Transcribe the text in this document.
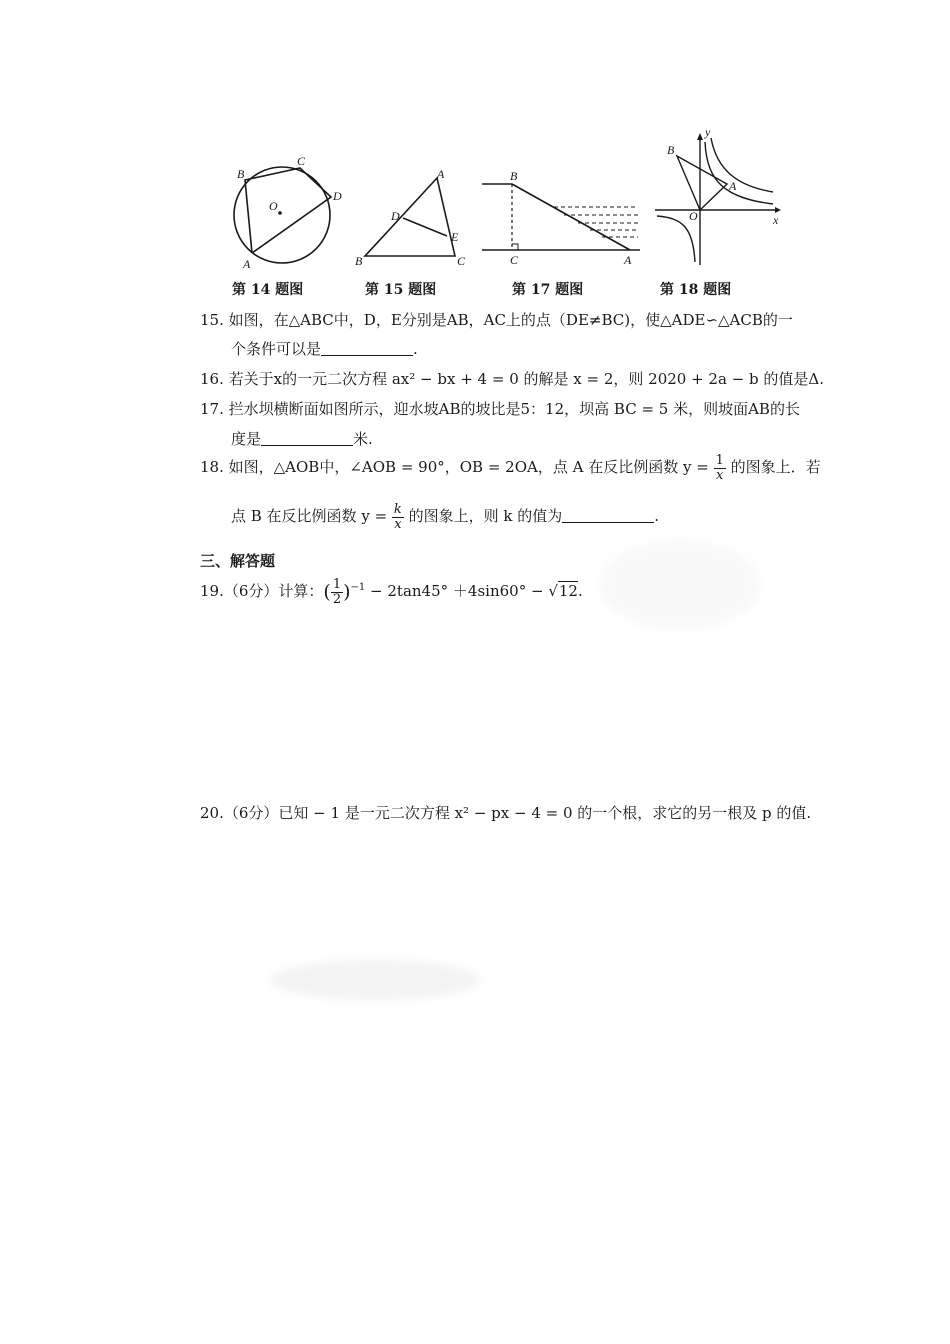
B
C
D
O
A
A
D
E
B	C
B
C	A
B
A
O	x
y
第 14 题图	第 15 题图	第 17 题图	第 18 题图
15. 如图，在△ABC中，D，E分别是AB，AC上的点（DE≠BC)，使△ADE∽△ACB的一
个条件可以是	.
16. 若关于x的一元二次方程 ax² − bx + 4 = 0 的解是 x = 2，则 2020 + 2a − b 的值是Δ.
17. 拦水坝横断面如图所示，迎水坡AB的坡比是5：12，坝高 BC = 5 米，则坡面AB的长
度是	米.
18. 如图，△AOB中，∠AOB = 90°，OB = 2OA，点 A 在反比例函数 $y = \frac{1}{x}$ 的图象上．若
点 B 在反比例函数 $y = \frac{k}{x}$ 的图象上，则 k 的值为	.
三、解答题
19.（6分）计算：( $\frac{1}{2} )^{-1} - 2\tan 45^\circ +4\sin 60^\circ - √12$.
20.（6分）已知 − 1 是一元二次方程 x² − px − 4 = 0 的一个根，求它的另一根及 p 的值.
